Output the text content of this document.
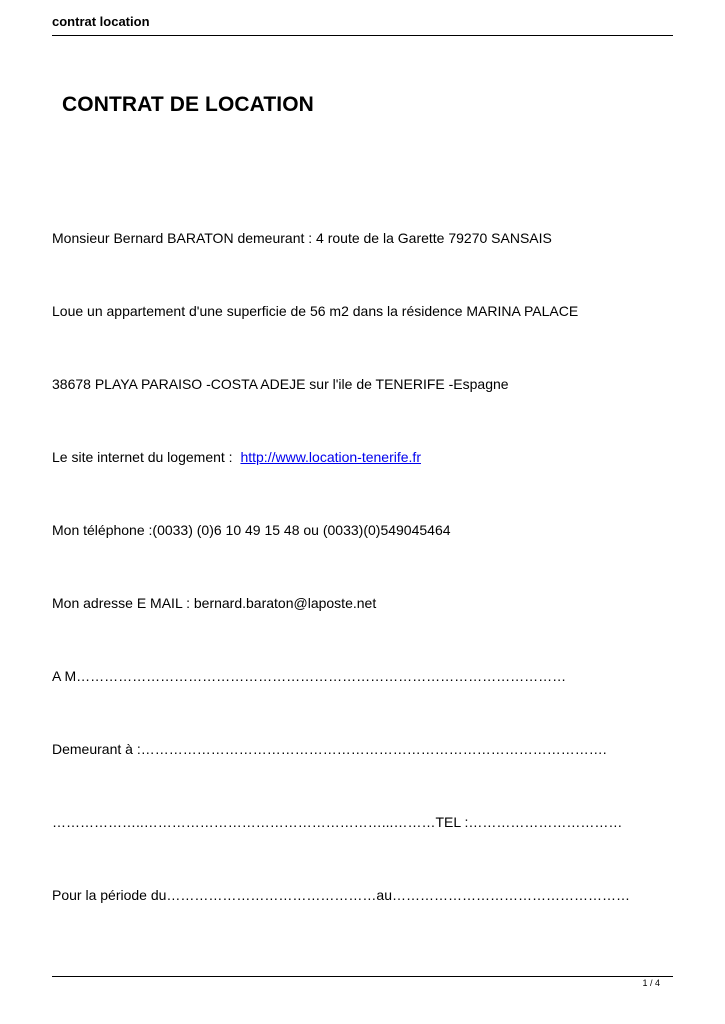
contrat location
CONTRAT DE LOCATION
Monsieur Bernard BARATON demeurant : 4 route de la Garette 79270 SANSAIS
Loue un appartement d'une superficie de 56 m2 dans la résidence MARINA PALACE
38678 PLAYA PARAISO -COSTA ADEJE sur l'ile de TENERIFE -Espagne
Le site internet du logement : http://www.location-tenerife.fr
Mon téléphone :(0033) (0)6 10 49 15 48 ou (0033)(0)549045464
Mon adresse E MAIL : bernard.baraton@laposte.net
A M……………………………………………………………………………………………
Demeurant à :……………………………………………………………………………………….
………………..……………………………………………...………TEL :……………………………
Pour la période du………………………………………au……………………………………………
1 / 4
